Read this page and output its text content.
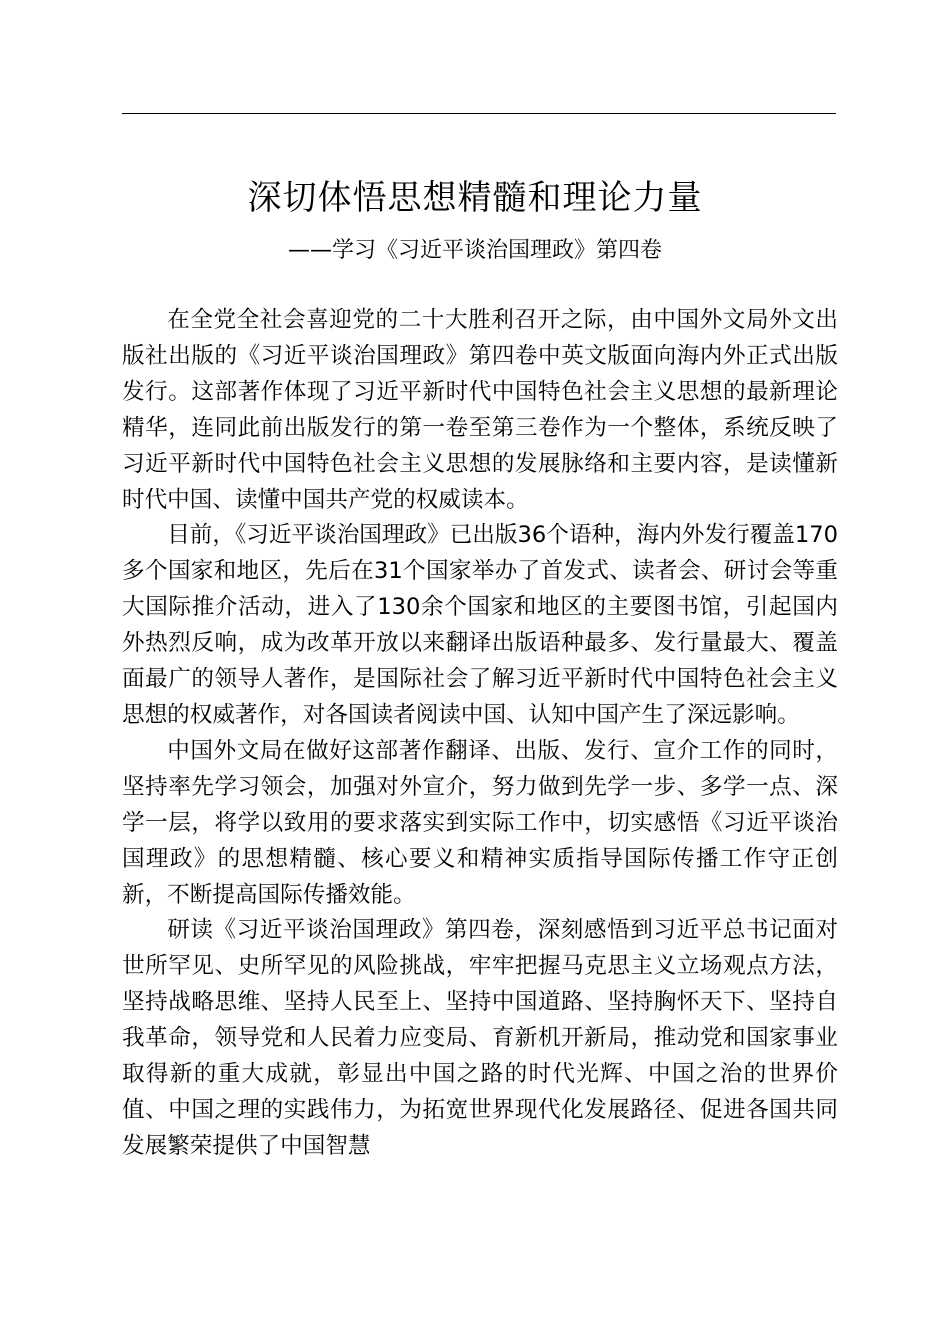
深切体悟思想精髓和理论力量
——学习《习近平谈治国理政》第四卷

在全党全社会喜迎党的二十大胜利召开之际，由中国外文局外文出版社出版的《习近平谈治国理政》第四卷中英文版面向海内外正式出版发行。这部著作体现了习近平新时代中国特色社会主义思想的最新理论精华，连同此前出版发行的第一卷至第三卷作为一个整体，系统反映了习近平新时代中国特色社会主义思想的发展脉络和主要内容，是读懂新时代中国、读懂中国共产党的权威读本。

目前，《习近平谈治国理政》已出版36个语种，海内外发行覆盖170多个国家和地区，先后在31个国家举办了首发式、读者会、研讨会等重大国际推介活动，进入了130余个国家和地区的主要图书馆，引起国内外热烈反响，成为改革开放以来翻译出版语种最多、发行量最大、覆盖面最广的领导人著作，是国际社会了解习近平新时代中国特色社会主义思想的权威著作，对各国读者阅读中国、认知中国产生了深远影响。

中国外文局在做好这部著作翻译、出版、发行、宣介工作的同时，坚持率先学习领会，加强对外宣介，努力做到先学一步、多学一点、深学一层，将学以致用的要求落实到实际工作中，切实感悟《习近平谈治国理政》的思想精髓、核心要义和精神实质指导国际传播工作守正创新，不断提高国际传播效能。

研读《习近平谈治国理政》第四卷，深刻感悟到习近平总书记面对世所罕见、史所罕见的风险挑战，牢牢把握马克思主义立场观点方法，坚持战略思维、坚持人民至上、坚持中国道路、坚持胸怀天下、坚持自我革命，领导党和人民着力应变局、育新机开新局，推动党和国家事业取得新的重大成就，彰显出中国之路的时代光辉、中国之治的世界价值、中国之理的实践伟力，为拓宽世界现代化发展路径、促进各国共同发展繁荣提供了中国智慧
